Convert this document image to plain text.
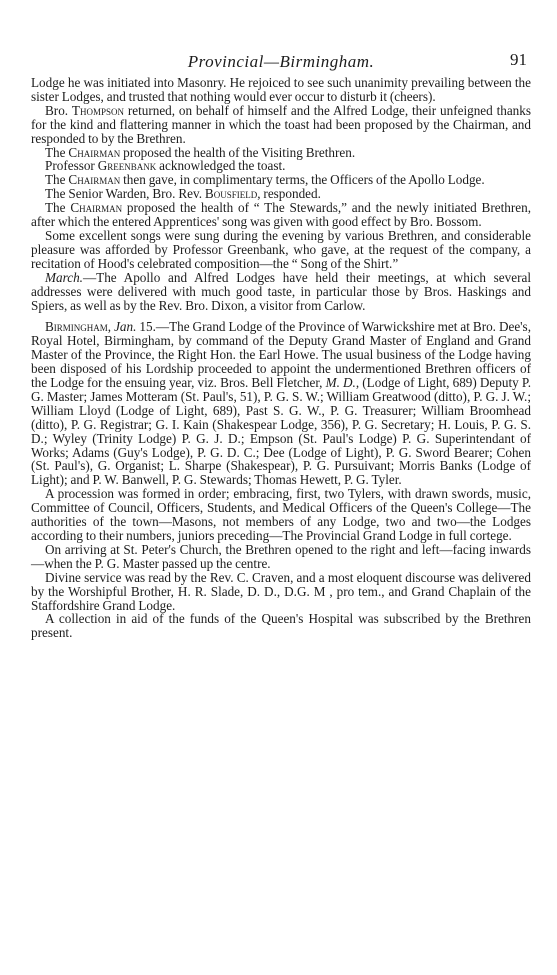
Provincial—Birmingham.	91

Lodge he was initiated into Masonry. He rejoiced to see such unanimity prevailing between the sister Lodges, and trusted that nothing would ever occur to disturb it (cheers).

Bro. Thompson returned, on behalf of himself and the Alfred Lodge, their unfeigned thanks for the kind and flattering manner in which the toast had been proposed by the Chairman, and responded to by the Brethren.

The Chairman proposed the health of the Visiting Brethren.

Professor Greenbank acknowledged the toast.

The Chairman then gave, in complimentary terms, the Officers of the Apollo Lodge.

The Senior Warden, Bro. Rev. Bousfield, responded.

The Chairman proposed the health of “ The Stewards,” and the newly initiated Brethren, after which the entered Apprentices' song was given with good effect by Bro. Bossom.

Some excellent songs were sung during the evening by various Brethren, and considerable pleasure was afforded by Professor Greenbank, who gave, at the request of the company, a recitation of Hood's celebrated composition—the “ Song of the Shirt.”

March.—The Apollo and Alfred Lodges have held their meetings, at which several addresses were delivered with much good taste, in particular those by Bros. Haskings and Spiers, as well as by the Rev. Bro. Dixon, a visitor from Carlow.

Birmingham, Jan. 15.—The Grand Lodge of the Province of Warwickshire met at Bro. Dee's, Royal Hotel, Birmingham, by command of the Deputy Grand Master of England and Grand Master of the Province, the Right Hon. the Earl Howe. The usual business of the Lodge having been disposed of his Lordship proceeded to appoint the undermentioned Brethren officers of the Lodge for the ensuing year, viz. Bros. Bell Fletcher, M. D., (Lodge of Light, 689) Deputy P. G. Master; James Motteram (St. Paul's, 51), P. G. S. W.; William Greatwood (ditto), P. G. J. W.; William Lloyd (Lodge of Light, 689), Past S. G. W., P. G. Treasurer; William Broomhead (ditto), P. G. Registrar; G. I. Kain (Shakespear Lodge, 356), P. G. Secretary; H. Louis, P. G. S. D.; Wyley (Trinity Lodge) P. G. J. D.; Empson (St. Paul's Lodge) P. G. Superintendant of Works; Adams (Guy's Lodge), P. G. D. C.; Dee (Lodge of Light), P. G. Sword Bearer; Cohen (St. Paul's), G. Organist; L. Sharpe (Shakespear), P. G. Pursuivant; Morris Banks (Lodge of Light); and P. W. Banwell, P. G. Stewards; Thomas Hewett, P. G. Tyler.

A procession was formed in order; embracing, first, two Tylers, with drawn swords, music, Committee of Council, Officers, Students, and Medical Officers of the Queen's College—The authorities of the town—Masons, not members of any Lodge, two and two—the Lodges according to their numbers, juniors preceding—The Provincial Grand Lodge in full cortege.

On arriving at St. Peter's Church, the Brethren opened to the right and left—facing inwards—when the P. G. Master passed up the centre.

Divine service was read by the Rev. C. Craven, and a most eloquent discourse was delivered by the Worshipful Brother, H. R. Slade, D. D., D.G. M , pro tem., and Grand Chaplain of the Staffordshire Grand Lodge.

A collection in aid of the funds of the Queen's Hospital was subscribed by the Brethren present.
